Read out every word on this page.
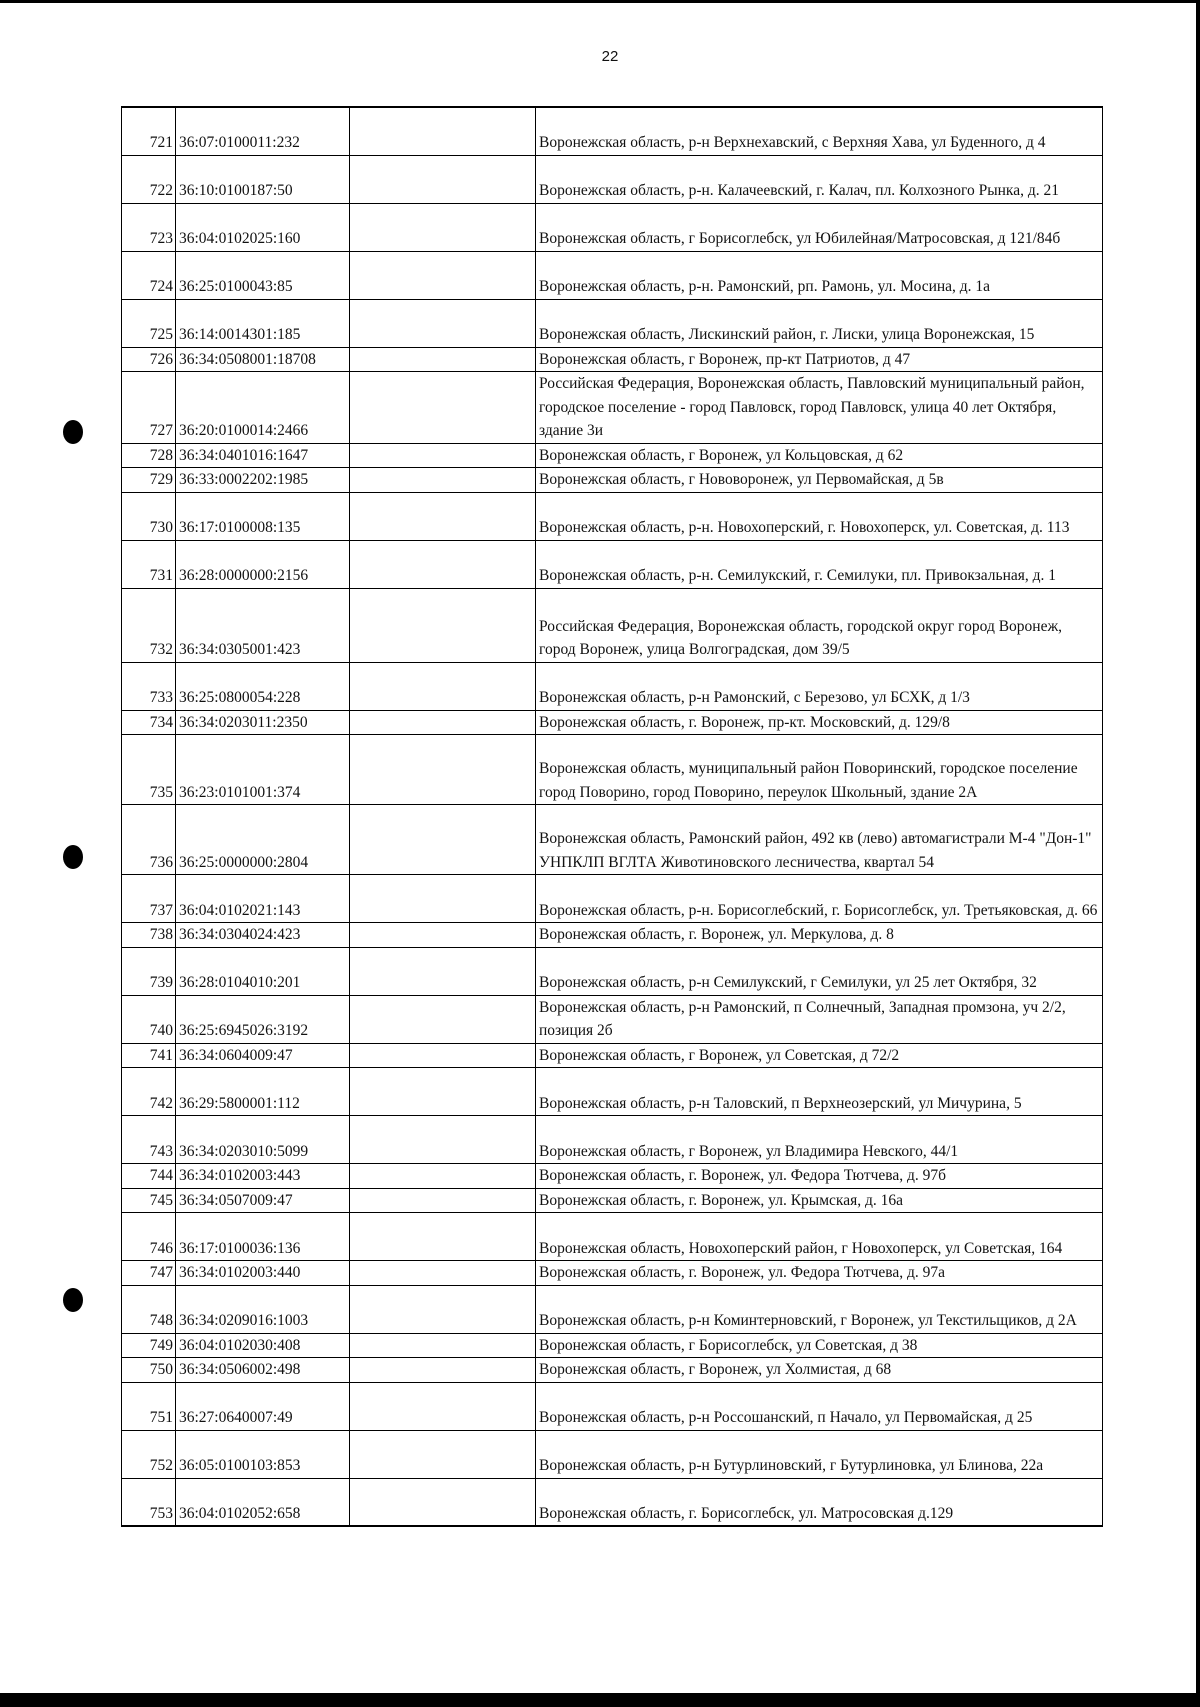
22
721	36:07:0100011:232		Воронежская область, р-н Верхнехавский, с Верхняя Хава, ул Буденного, д 4
722	36:10:0100187:50		Воронежская область, р-н. Калачеевский, г. Калач, пл. Колхозного Рынка, д. 21
723	36:04:0102025:160		Воронежская область, г Борисоглебск, ул Юбилейная/Матросовская, д 121/84б
724	36:25:0100043:85		Воронежская область, р-н. Рамонский, рп. Рамонь, ул. Мосина, д. 1а
725	36:14:0014301:185		Воронежская область, Лискинский район, г. Лиски, улица Воронежская, 15
726	36:34:0508001:18708		Воронежская область, г Воронеж, пр-кт Патриотов, д 47
727	36:20:0100014:2466		Российская Федерация, Воронежская область, Павловский муниципальный район, городское поселение - город Павловск, город Павловск, улица 40 лет Октября, здание 3и
728	36:34:0401016:1647		Воронежская область, г Воронеж, ул Кольцовская, д 62
729	36:33:0002202:1985		Воронежская область, г Нововоронеж, ул Первомайская, д 5в
730	36:17:0100008:135		Воронежская область, р-н. Новохоперский, г. Новохоперск, ул. Советская, д. 113
731	36:28:0000000:2156		Воронежская область, р-н. Семилукский, г. Семилуки, пл. Привокзальная, д. 1
732	36:34:0305001:423		Российская Федерация, Воронежская область, городской округ город Воронеж, город Воронеж, улица Волгоградская, дом 39/5
733	36:25:0800054:228		Воронежская область, р-н Рамонский, с Березово, ул БСХК, д 1/3
734	36:34:0203011:2350		Воронежская область, г. Воронеж, пр-кт. Московский, д. 129/8
735	36:23:0101001:374		Воронежская область, муниципальный район Поворинский, городское поселение город Поворино, город Поворино, переулок Школьный, здание 2А
736	36:25:0000000:2804		Воронежская область, Рамонский район, 492 кв (лево) автомагистрали М-4 "Дон-1" УНПКЛП ВГЛТА Животиновского лесничества, квартал 54
737	36:04:0102021:143		Воронежская область, р-н. Борисоглебский, г. Борисоглебск, ул. Третьяковская, д. 66
738	36:34:0304024:423		Воронежская область, г. Воронеж, ул. Меркулова, д. 8
739	36:28:0104010:201		Воронежская область, р-н Семилукский, г Семилуки, ул 25 лет Октября, 32
740	36:25:6945026:3192		Воронежская область, р-н Рамонский, п Солнечный, Западная промзона, уч 2/2, позиция 2б
741	36:34:0604009:47		Воронежская область, г Воронеж, ул Советская, д 72/2
742	36:29:5800001:112		Воронежская область, р-н Таловский, п Верхнеозерский, ул Мичурина, 5
743	36:34:0203010:5099		Воронежская область, г Воронеж, ул Владимира Невского, 44/1
744	36:34:0102003:443		Воронежская область, г. Воронеж, ул. Федора Тютчева, д. 97б
745	36:34:0507009:47		Воронежская область, г. Воронеж, ул. Крымская, д. 16а
746	36:17:0100036:136		Воронежская область, Новохоперский район, г Новохоперск, ул Советская, 164
747	36:34:0102003:440		Воронежская область, г. Воронеж, ул. Федора Тютчева, д. 97а
748	36:34:0209016:1003		Воронежская область, р-н Коминтерновский, г Воронеж, ул Текстильщиков, д 2А
749	36:04:0102030:408		Воронежская область, г Борисоглебск, ул Советская, д 38
750	36:34:0506002:498		Воронежская область, г Воронеж, ул Холмистая, д 68
751	36:27:0640007:49		Воронежская область, р-н Россошанский, п Начало, ул Первомайская, д 25
752	36:05:0100103:853		Воронежская область, р-н Бутурлиновский, г Бутурлиновка, ул Блинова, 22а
753	36:04:0102052:658		Воронежская область, г. Борисоглебск, ул. Матросовская д.129
